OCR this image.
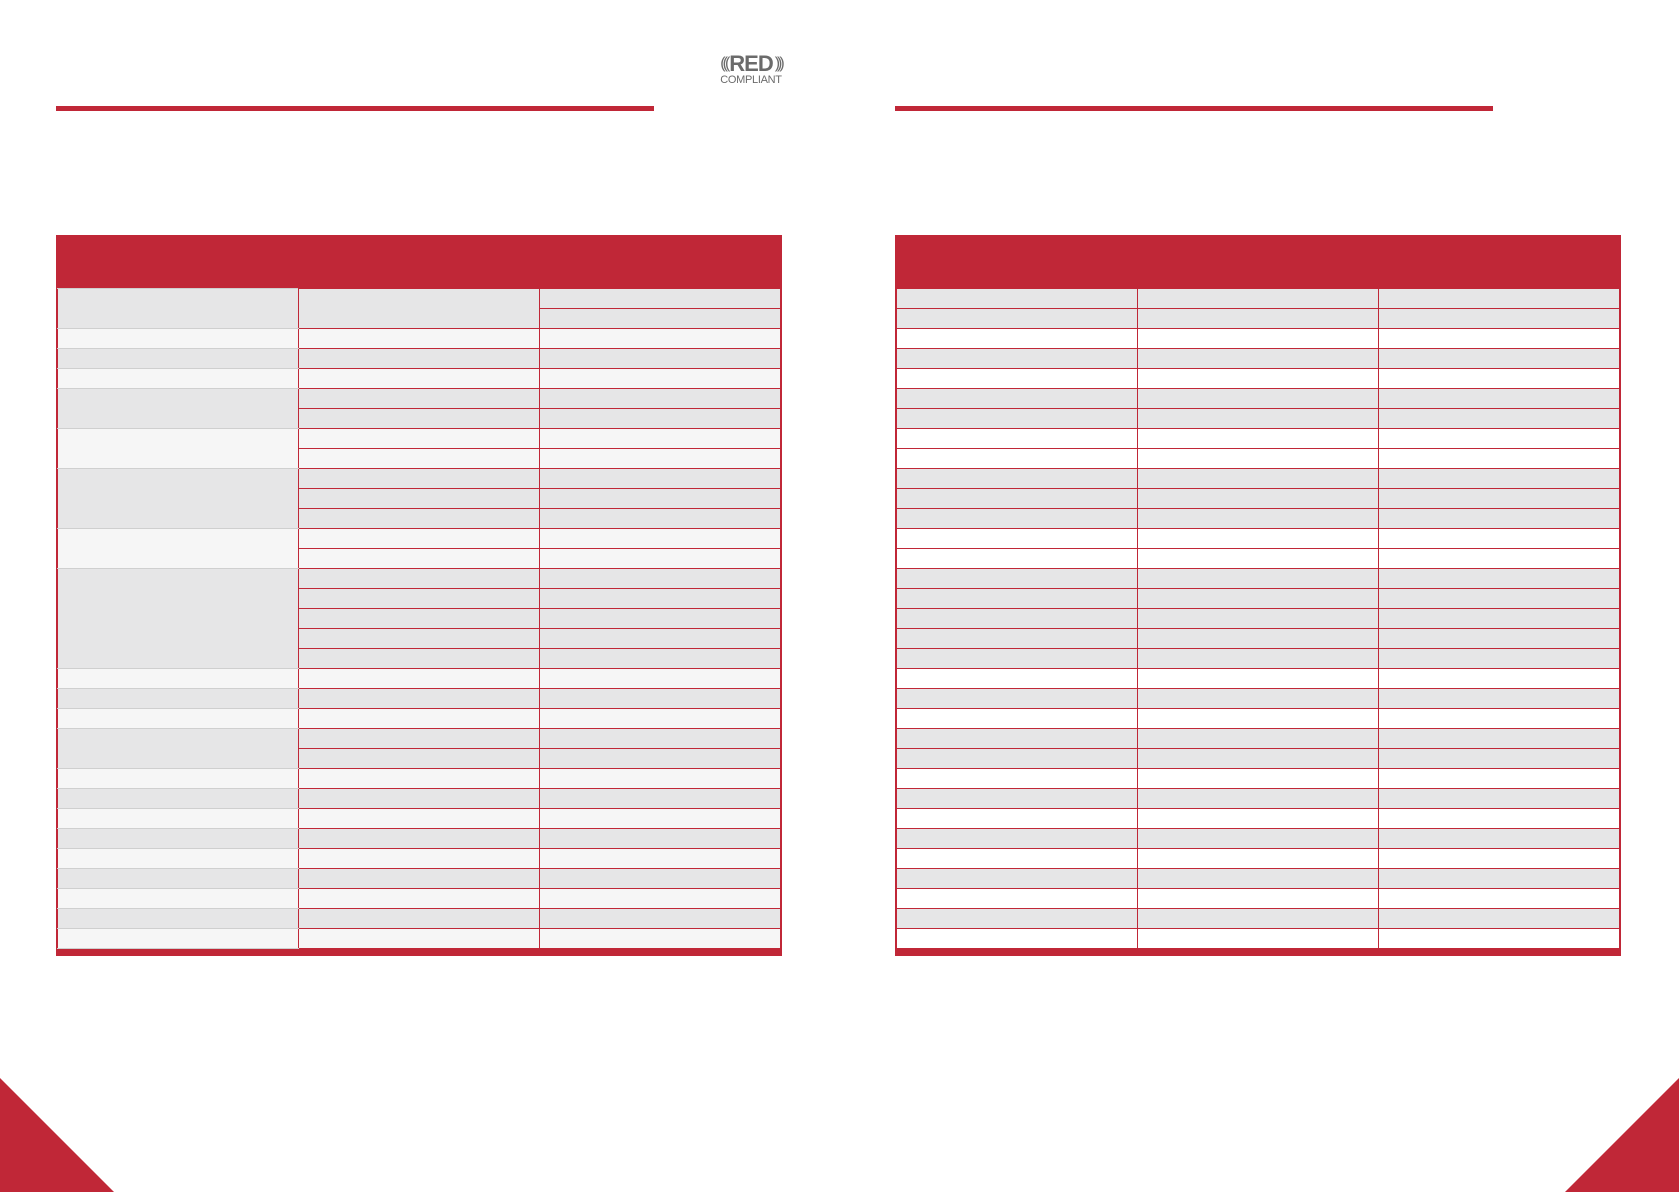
((( RED )))
COMPLIANT
